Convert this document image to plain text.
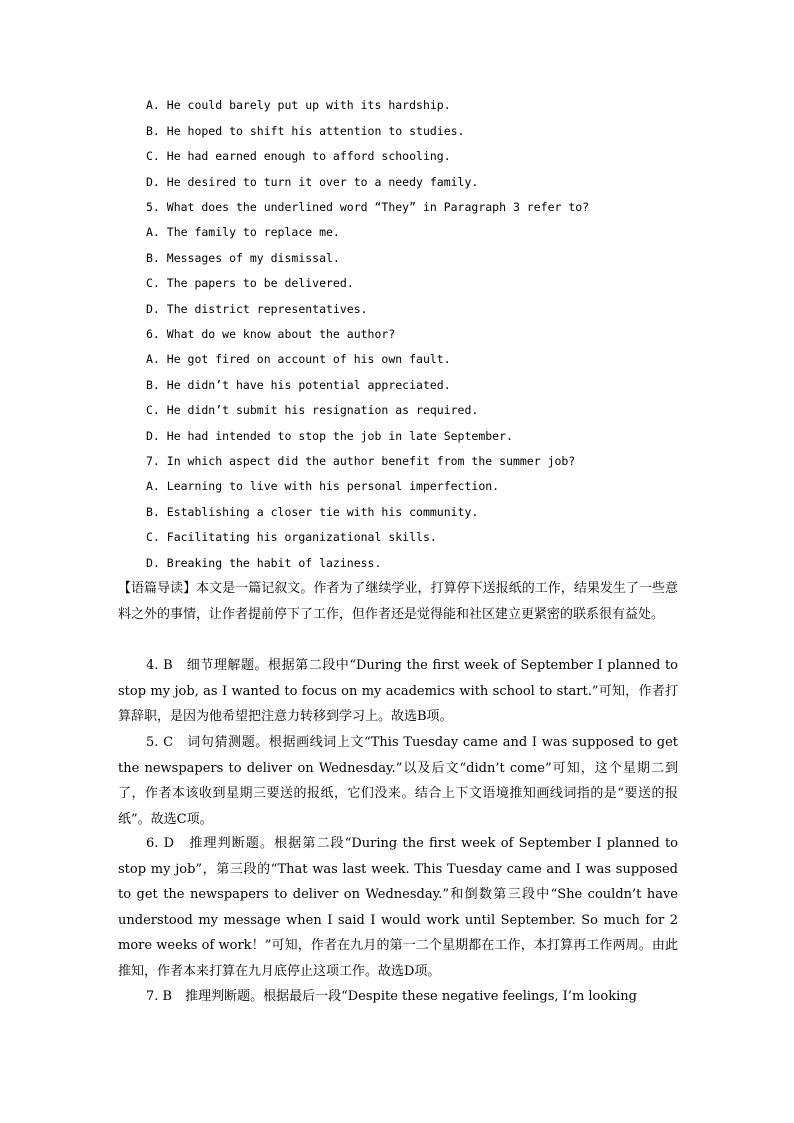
A. He could barely put up with its hardship.
B. He hoped to shift his attention to studies.
C. He had earned enough to afford schooling.
D. He desired to turn it over to a needy family.
5. What does the underlined word “They” in Paragraph 3 refer to?
A. The family to replace me.
B. Messages of my dismissal.
C. The papers to be delivered.
D. The district representatives.
6. What do we know about the author?
A. He got fired on account of his own fault.
B. He didn’t have his potential appreciated.
C. He didn’t submit his resignation as required.
D. He had intended to stop the job in late September.
7. In which aspect did the author benefit from the summer job?
A. Learning to live with his personal imperfection.
B. Establishing a closer tie with his community.
C. Facilitating his organizational skills.
D. Breaking the habit of laziness.
【语篇导读】本文是一篇记叙文。作者为了继续学业，打算停下送报纸的工作，结果发生了一些意料之外的事情，让作者提前停下了工作，但作者还是觉得能和社区建立更紧密的联系很有益处。
4. B　细节理解题。根据第二段中“During the first week of September I planned to stop my job, as I wanted to focus on my academics with school to start.”可知，作者打算辞职，是因为他希望把注意力转移到学习上。故选B项。
5. C　词句猜测题。根据画线词上文“This Tuesday came and I was supposed to get the newspapers to deliver on Wednesday.”以及后文“didn’t come”可知，这个星期二到了，作者本该收到星期三要送的报纸，它们没来。结合上下文语境推知画线词指的是“要送的报纸”。故选C项。
6. D　推理判断题。根据第二段“During the first week of September I planned to stop my job”，第三段的“That was last week. This Tuesday came and I was supposed to get the newspapers to deliver on Wednesday.”和倒数第三段中“She couldn’t have understood my message when I said I would work until September. So much for 2 more weeks of work！”可知，作者在九月的第一二个星期都在工作，本打算再工作两周。由此推知，作者本来打算在九月底停止这项工作。故选D项。
7. B　推理判断题。根据最后一段“Despite these negative feelings, I’m looking
